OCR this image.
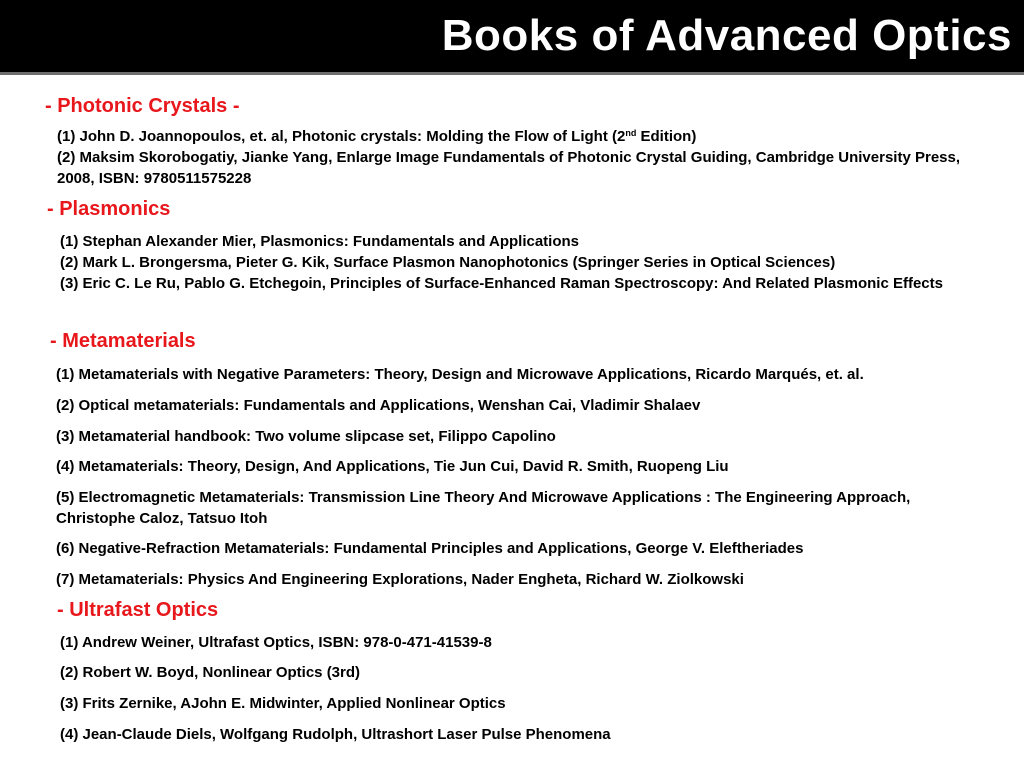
Books of Advanced Optics
- Photonic Crystals -
(1) John D. Joannopoulos, et. al, Photonic crystals: Molding the Flow of Light (2nd Edition)
(2) Maksim Skorobogatiy, Jianke Yang, Enlarge Image Fundamentals of Photonic Crystal Guiding, Cambridge University Press, 2008, ISBN: 9780511575228
- Plasmonics
(1) Stephan Alexander Mier, Plasmonics: Fundamentals and Applications
(2) Mark L. Brongersma, Pieter G. Kik, Surface Plasmon Nanophotonics (Springer Series in Optical Sciences)
(3) Eric C. Le Ru, Pablo G. Etchegoin, Principles of Surface-Enhanced Raman Spectroscopy: And Related Plasmonic Effects
- Metamaterials
(1) Metamaterials with Negative Parameters: Theory, Design and Microwave Applications, Ricardo Marqués, et. al.
(2) Optical metamaterials: Fundamentals and Applications, Wenshan Cai, Vladimir Shalaev
(3) Metamaterial handbook: Two volume slipcase set, Filippo Capolino
(4) Metamaterials: Theory, Design, And Applications, Tie Jun Cui, David R. Smith, Ruopeng Liu
(5) Electromagnetic Metamaterials: Transmission Line Theory And Microwave Applications : The Engineering Approach, Christophe Caloz, Tatsuo Itoh
(6) Negative-Refraction Metamaterials: Fundamental Principles and Applications, George V. Eleftheriades
(7) Metamaterials: Physics And Engineering Explorations, Nader Engheta, Richard W. Ziolkowski
- Ultrafast Optics
(1) Andrew Weiner, Ultrafast Optics, ISBN: 978-0-471-41539-8
(2) Robert W. Boyd, Nonlinear Optics (3rd)
(3) Frits Zernike, AJohn E. Midwinter, Applied Nonlinear Optics
(4) Jean-Claude Diels, Wolfgang Rudolph, Ultrashort Laser Pulse Phenomena
